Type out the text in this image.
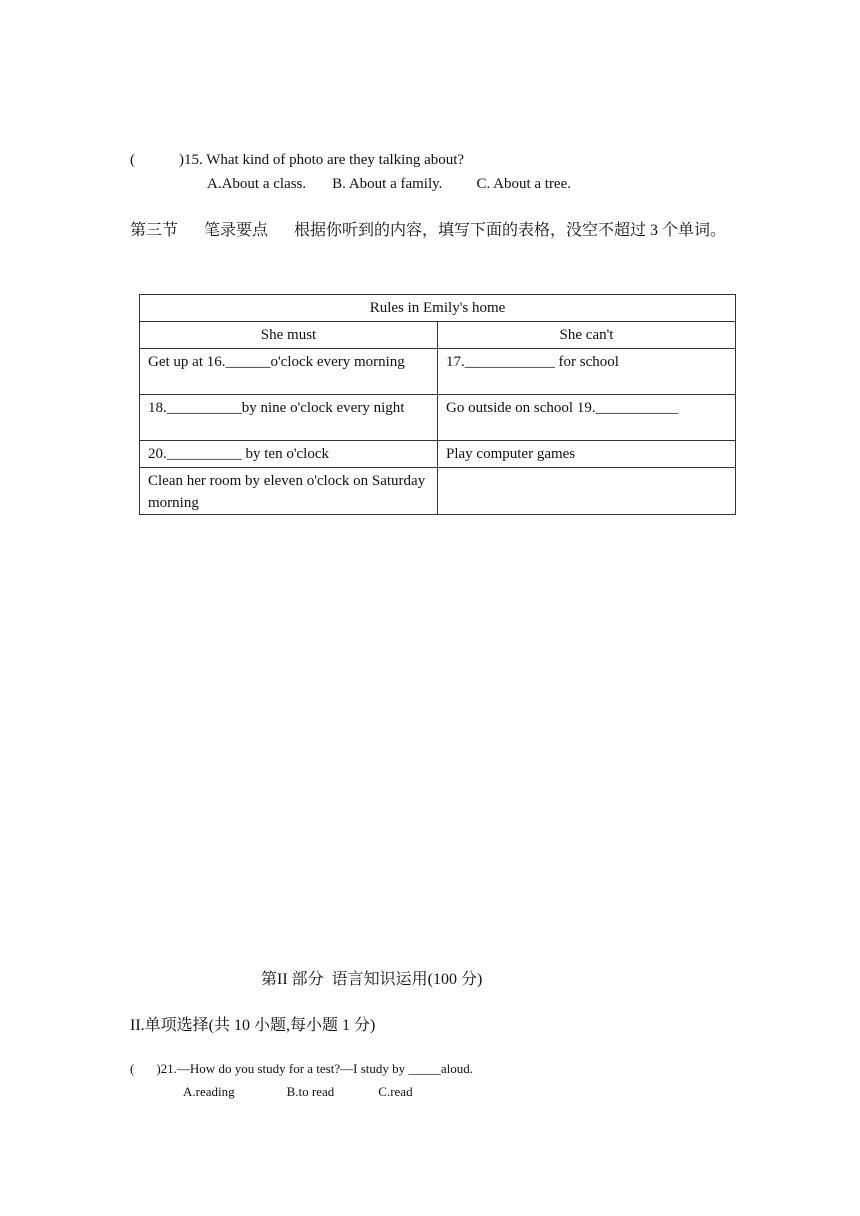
(	)15. What kind of photo are they talking about?
A.About a class. B. About a family. C. About a tree.
第三节 笔录要点 根据你听到的内容，填写下面的表格，没空不超过 3 个单词。
Rules in Emily's home	
She must	She can't
Get up at 16.______o'clock every morning	17.____________ for school
18.__________by nine o'clock every night	Go outside on school 19.___________
20.__________ by ten o'clock	Play computer games
Clean her room by eleven o'clock on Saturday morning	
第II 部分  语言知识运用(100 分)
II.单项选择(共 10 小题,每小题 1 分)
( )21.—How do you study for a test?—I study by _____aloud.
A.reading	B.to read	C.read
